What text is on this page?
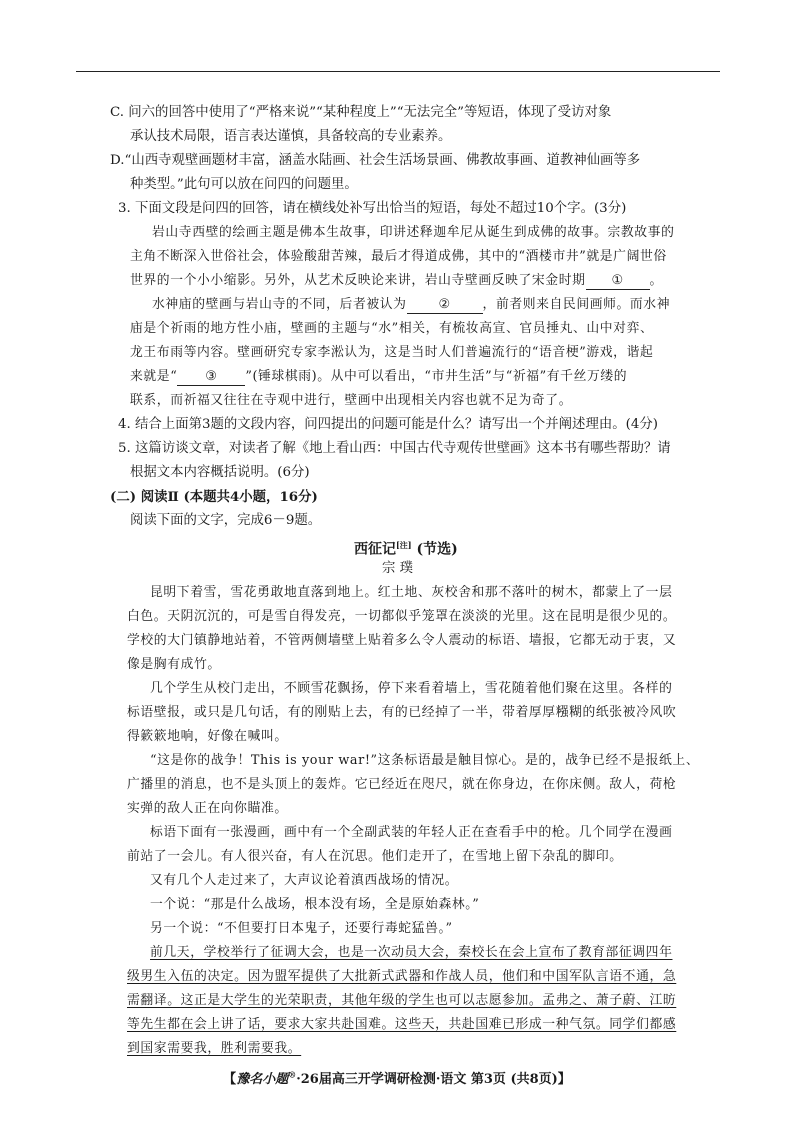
C. 问六的回答中使用了“严格来说”“某种程度上”“无法完全”等短语，体现了受访对象
承认技术局限，语言表达谨慎，具备较高的专业素养。
D.“山西寺观壁画题材丰富，涵盖水陆画、社会生活场景画、佛教故事画、道教神仙画等多
种类型。”此句可以放在问四的问题里。
3. 下面文段是问四的回答，请在横线处补写出恰当的短语，每处不超过10个字。(3分)
岩山寺西壁的绘画主题是佛本生故事，印讲述释迦牟尼从诞生到成佛的故事。宗教故事的
主角不断深入世俗社会，体验酸甜苦辣，最后才得道成佛，其中的“酒楼市井”就是广阔世俗
世界的一个小小缩影。另外，从艺术反映论来讲，岩山寺壁画反映了宋金时期 ① 。
水神庙的壁画与岩山寺的不同，后者被认为 ② ，前者则来自民间画师。而水神
庙是个祈雨的地方性小庙，壁画的主题与“水”相关，有梳妆高宣、官员捶丸、山中对弈、
龙王布雨等内容。壁画研究专家李淞认为，这是当时人们普遍流行的“语音梗”游戏，谐起
来就是“ ③ ”(锤球棋雨)。从中可以看出，“市井生活”与“祈福”有千丝万缕的
联系，而祈福又往往在寺观中进行，壁画中出现相关内容也就不足为奇了。
4. 结合上面第3题的文段内容，问四提出的问题可能是什么？请写出一个并阐述理由。(4分)
5. 这篇访谈文章，对读者了解《地上看山西：中国古代寺观传世壁画》这本书有哪些帮助？请
根据文本内容概括说明。(6分)
(二) 阅读Ⅱ (本题共4小题，16分)
阅读下面的文字，完成6－9题。
西征记[注] (节选)
宗 璞
昆明下着雪，雪花勇敢地直落到地上。红土地、灰校舍和那不落叶的树木，都蒙上了一层
白色。天阴沉沉的，可是雪自得发亮，一切都似乎笼罩在淡淡的光里。这在昆明是很少见的。
学校的大门镇静地站着，不管两侧墙壁上贴着多么令人震动的标语、墙报，它都无动于衷，又
像是胸有成竹。
几个学生从校门走出，不顾雪花飘扬，停下来看着墙上，雪花随着他们聚在这里。各样的
标语壁报，或只是几句话，有的刚贴上去，有的已经掉了一半，带着厚厚糨糊的纸张被冷风吹
得簌簌地响，好像在喊叫。
“这是你的战争！This is your war!”这条标语最是触目惊心。是的，战争已经不是报纸上、
广播里的消息，也不是头顶上的轰炸。它已经近在咫尺，就在你身边，在你床侧。敌人，荷枪
实弹的敌人正在向你瞄准。
标语下面有一张漫画，画中有一个全副武装的年轻人正在查看手中的枪。几个同学在漫画
前站了一会儿。有人很兴奋，有人在沉思。他们走开了，在雪地上留下杂乱的脚印。
又有几个人走过来了，大声议论着滇西战场的情况。
一个说：“那是什么战场，根本没有场，全是原始森林。”
另一个说：“不但要打日本鬼子，还要行毒蛇猛兽。”
【豫名小题®·26届高三开学调研检测·语文 第3页 (共8页)】
前几天，学校举行了征调大会，也是一次动员大会，秦校长在会上宣布了教育部征调四年
级男生入伍的决定。因为盟军提供了大批新式武器和作战人员，他们和中国军队言语不通，急
需翻译。这正是大学生的光荣职责，其他年级的学生也可以志愿参加。孟弗之、萧子蔚、江昉
等先生都在会上讲了话，要求大家共赴国难。这些天，共赴国难已形成一种气氛。同学们都感
到国家需要我，胜利需要我。
